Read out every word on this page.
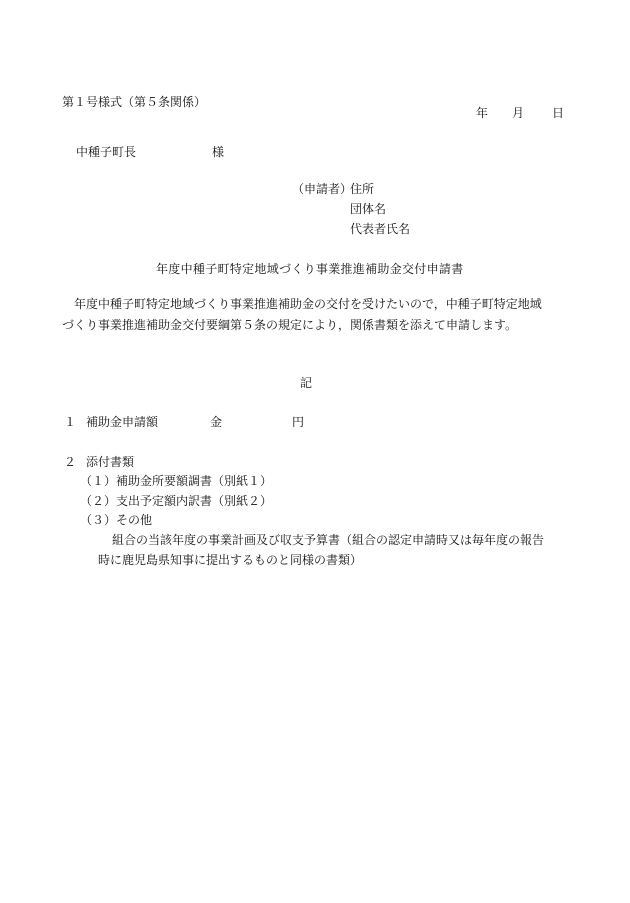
第１号様式（第５条関係）
年 月 日
中種子町長	様
（申請者）
住所
団体名
代表者氏名
年度中種子町特定地域づくり事業推進補助金交付申請書
年度中種子町特定地域づくり事業推進補助金の交付を受けたいので，中種子町特定地域
づくり事業推進補助金交付要綱第５条の規定により，関係書類を添えて申請します。
記
１ 補助金申請額	金	円
２ 添付書類
（１）補助金所要額調書（別紙１）
（２）支出予定額内訳書（別紙２）
（３）その他
組合の当該年度の事業計画及び収支予算書（組合の認定申請時又は毎年度の報告
時に鹿児島県知事に提出するものと同様の書類）
